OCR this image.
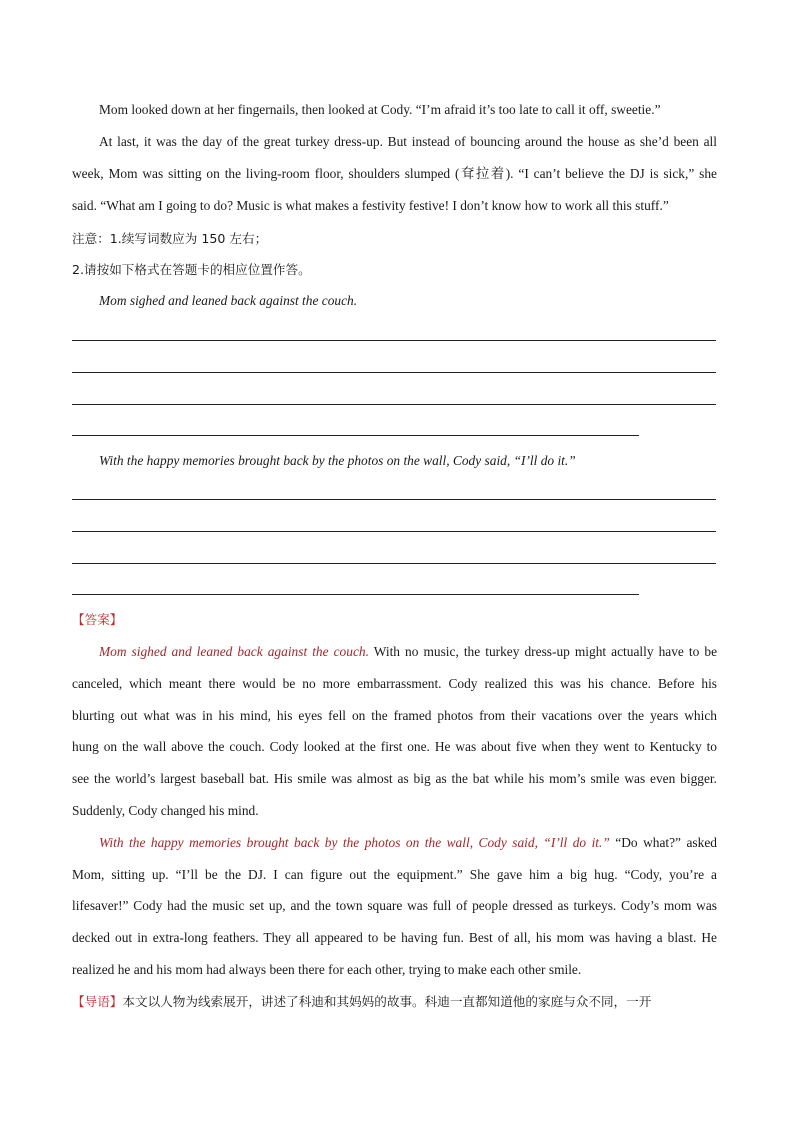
Mom looked down at her fingernails, then looked at Cody. “I’m afraid it’s too late to call it off, sweetie.”
At last, it was the day of the great turkey dress-up. But instead of bouncing around the house as she’d been all
week, Mom was sitting on the living-room floor, shoulders slumped (耷拉着). “I can’t believe the DJ is sick,” she
said. “What am I going to do? Music is what makes a festivity festive! I don’t know how to work all this stuff.”
注意：1.续写词数应为 150 左右；
2.请按如下格式在答题卡的相应位置作答。
Mom sighed and leaned back against the couch.
With the happy memories brought back by the photos on the wall, Cody said, “I’ll do it.”
【答案】
Mom sighed and leaned back against the couch. With no music, the turkey dress-up might actually have to be
canceled, which meant there would be no more embarrassment. Cody realized this was his chance. Before his
blurting out what was in his mind, his eyes fell on the framed photos from their vacations over the years which
hung on the wall above the couch. Cody looked at the first one. He was about five when they went to Kentucky to
see the world’s largest baseball bat. His smile was almost as big as the bat while his mom’s smile was even bigger.
Suddenly, Cody changed his mind.
With the happy memories brought back by the photos on the wall, Cody said, “I’ll do it.” “Do what?” asked
Mom, sitting up. “I’ll be the DJ. I can figure out the equipment.” She gave him a big hug. “Cody, you’re a
lifesaver!” Cody had the music set up, and the town square was full of people dressed as turkeys. Cody’s mom was
decked out in extra-long feathers. They all appeared to be having fun. Best of all, his mom was having a blast. He
realized he and his mom had always been there for each other, trying to make each other smile.
【导语】本文以人物为线索展开，讲述了科迪和其妈妈的故事。科迪一直都知道他的家庭与众不同，一开
